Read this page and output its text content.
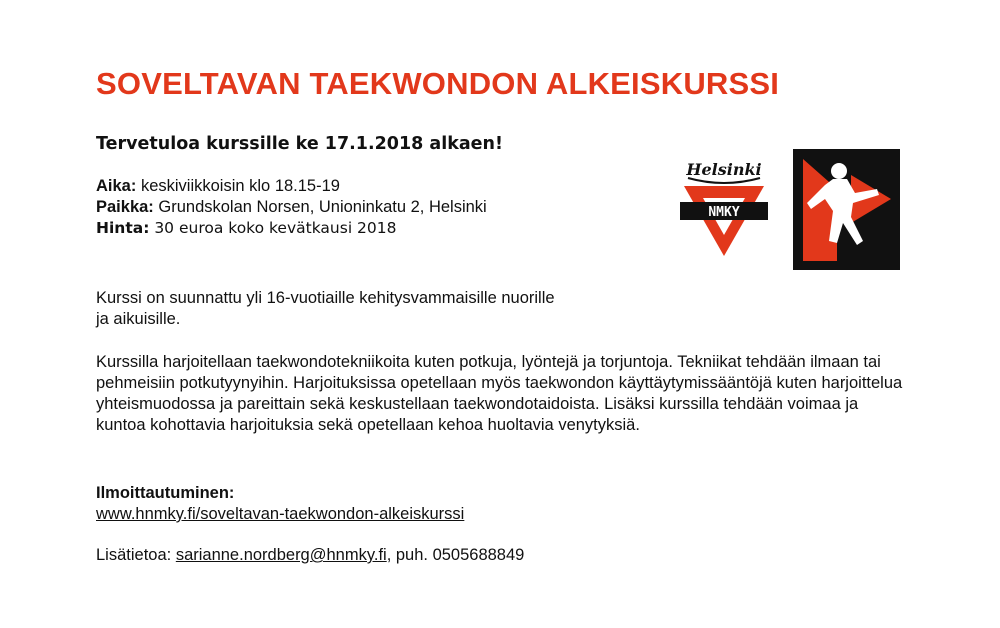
SOVELTAVAN TAEKWONDON ALKEISKURSSI
Tervetuloa kurssille ke 17.1.2018 alkaen!
Aika: keskiviikkoisin klo 18.15-19
Paikka: Grundskolan Norsen, Unioninkatu 2, Helsinki
Hinta: 30 euroa koko kevätkausi 2018
Helsinki
NMKY

Kurssi on suunnattu yli 16-vuotiaille kehitysvammaisille nuorille ja aikuisille.

Kurssilla harjoitellaan taekwondotekniikoita kuten potkuja, lyöntejä ja torjuntoja. Tekniikat tehdään ilmaan tai pehmeisiin potkutyynyihin. Harjoituksissa opetellaan myös taekwondon käyttäytymissääntöjä kuten harjoittelua yhteismuodossa ja pareittain sekä keskustellaan taekwondotaidoista. Lisäksi kurssilla tehdään voimaa ja kuntoa kohottavia harjoituksia sekä opetellaan kehoa huoltavia venytyksiä.

Ilmoittautuminen:
www.hnmky.fi/soveltavan-taekwondon-alkeiskurssi
Lisätietoa: sarianne.nordberg@hnmky.fi, puh. 0505688849
